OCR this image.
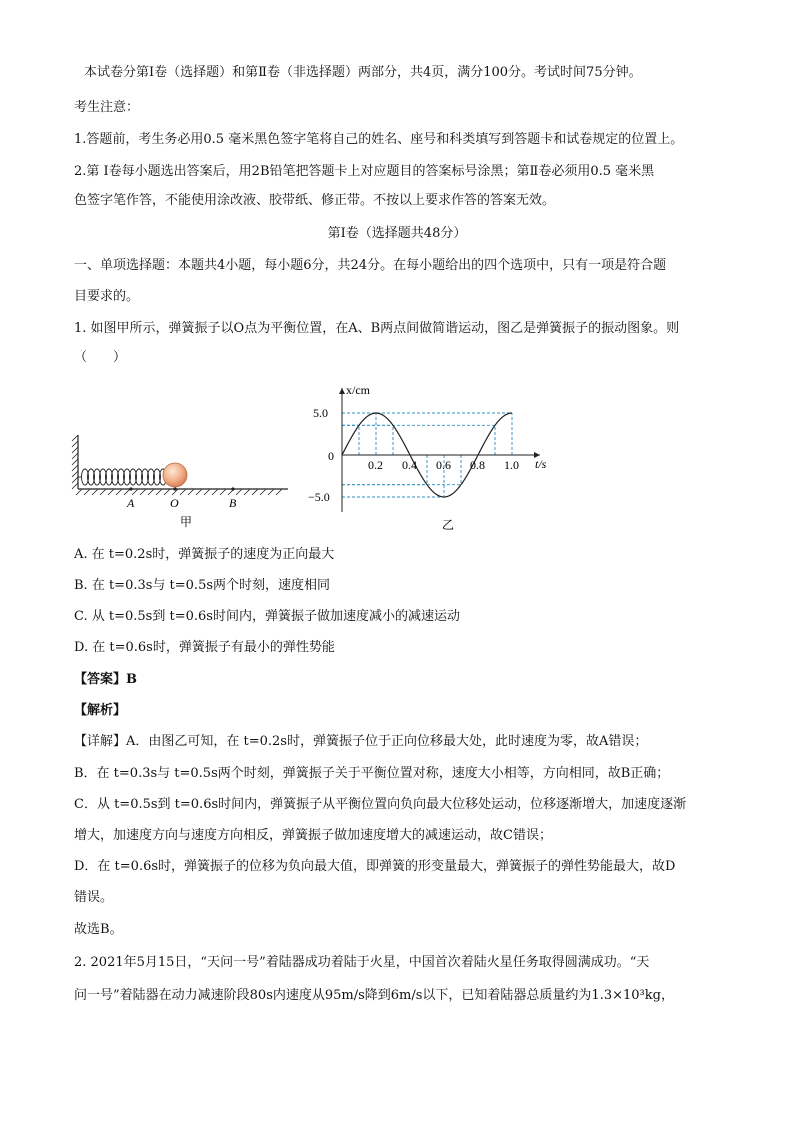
本试卷分第Ⅰ卷（选择题）和第Ⅱ卷（非选择题）两部分，共4页，满分100分。考试时间75分钟。
考生注意：
1.答题前，考生务必用0.5 毫米黑色签字笔将自己的姓名、座号和科类填写到答题卡和试卷规定的位置上。
2.第 I卷每小题选出答案后，用2B铅笔把答题卡上对应题目的答案标号涂黑；第Ⅱ卷必须用0.5 毫米黑
色签字笔作答，不能使用涂改液、胶带纸、修正带。不按以上要求作答的答案无效。
第Ⅰ卷（选择题共48分）
一、单项选择题：本题共4小题，每小题6分，共24分。在每小题给出的四个选项中，只有一项是符合题
目要求的。
1. 如图甲所示，弹簧振子以O点为平衡位置，在A、B两点间做简谐运动，图乙是弹簧振子的振动图象。则
（　　）
A	O	B
甲
0.2 0.4 0.6 0.8 1.0
5.0
−5.0
x/cm
t/s
0
乙
A. 在 t=0.2s时，弹簧振子的速度为正向最大
B. 在 t=0.3s与 t=0.5s两个时刻，速度相同
C. 从 t=0.5s到 t=0.6s时间内，弹簧振子做加速度减小的减速运动
D. 在 t=0.6s时，弹簧振子有最小的弹性势能
【答案】B
【解析】
【详解】A．由图乙可知，在 t=0.2s时，弹簧振子位于正向位移最大处，此时速度为零，故A错误；
B．在 t=0.3s与 t=0.5s两个时刻，弹簧振子关于平衡位置对称，速度大小相等，方向相同，故B正确；
C．从 t=0.5s到 t=0.6s时间内，弹簧振子从平衡位置向负向最大位移处运动，位移逐渐增大，加速度逐渐
增大，加速度方向与速度方向相反，弹簧振子做加速度增大的减速运动，故C错误；
D．在 t=0.6s时，弹簧振子的位移为负向最大值，即弹簧的形变量最大，弹簧振子的弹性势能最大，故D
错误。
故选B。
2. 2021年5月15日，“天问一号”着陆器成功着陆于火星，中国首次着陆火星任务取得圆满成功。“天
问一号”着陆器在动力减速阶段80s内速度从95m/s降到6m/s以下，已知着陆器总质量约为1.3×10³kg，
